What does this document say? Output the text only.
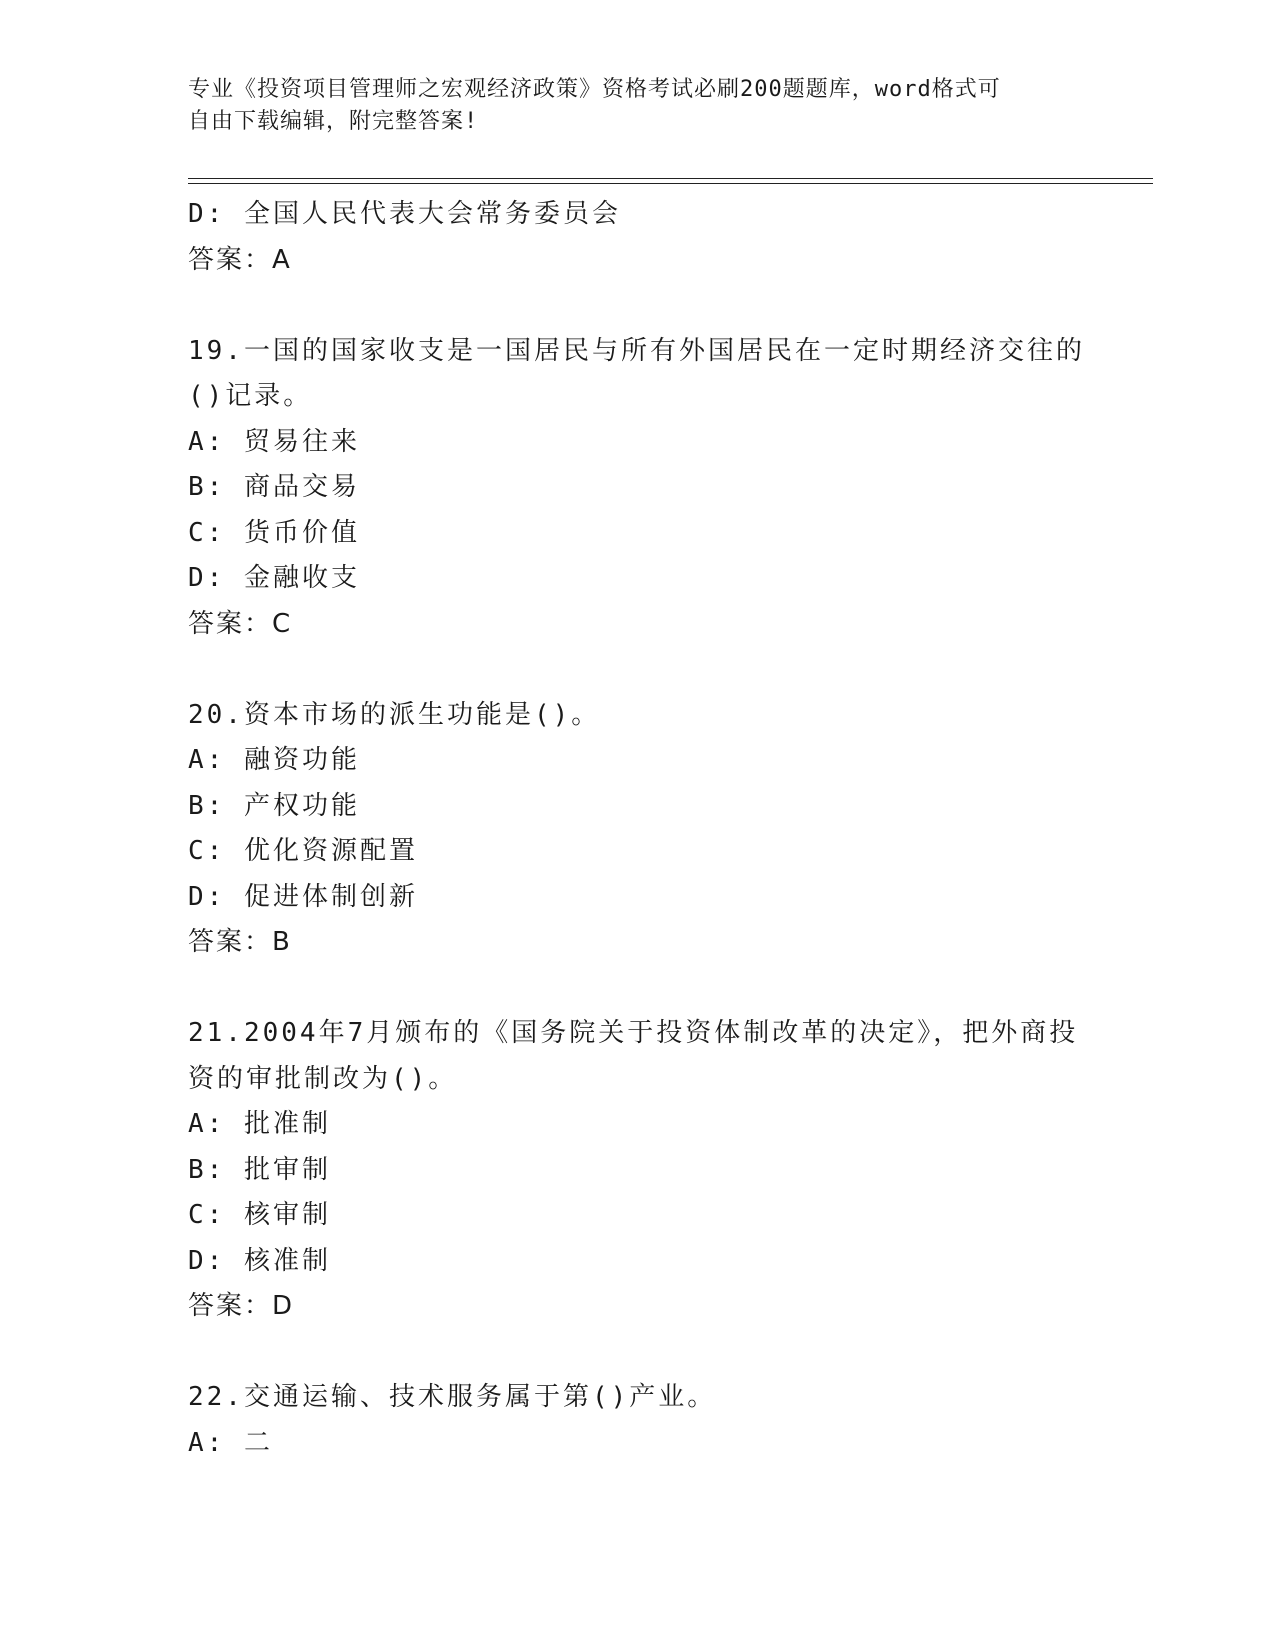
专业《投资项目管理师之宏观经济政策》资格考试必刷200题题库，word格式可
自由下载编辑，附完整答案!
D: 全国人民代表大会常务委员会
答案：A
19.一国的国家收支是一国居民与所有外国居民在一定时期经济交往的
()记录。
A: 贸易往来
B: 商品交易
C: 货币价值
D: 金融收支
答案：C
20.资本市场的派生功能是()。
A: 融资功能
B: 产权功能
C: 优化资源配置
D: 促进体制创新
答案：B
21.2004年7月颁布的《国务院关于投资体制改革的决定》，把外商投
资的审批制改为()。
A: 批准制
B: 批审制
C: 核审制
D: 核准制
答案：D
22.交通运输、技术服务属于第()产业。
A: 二
